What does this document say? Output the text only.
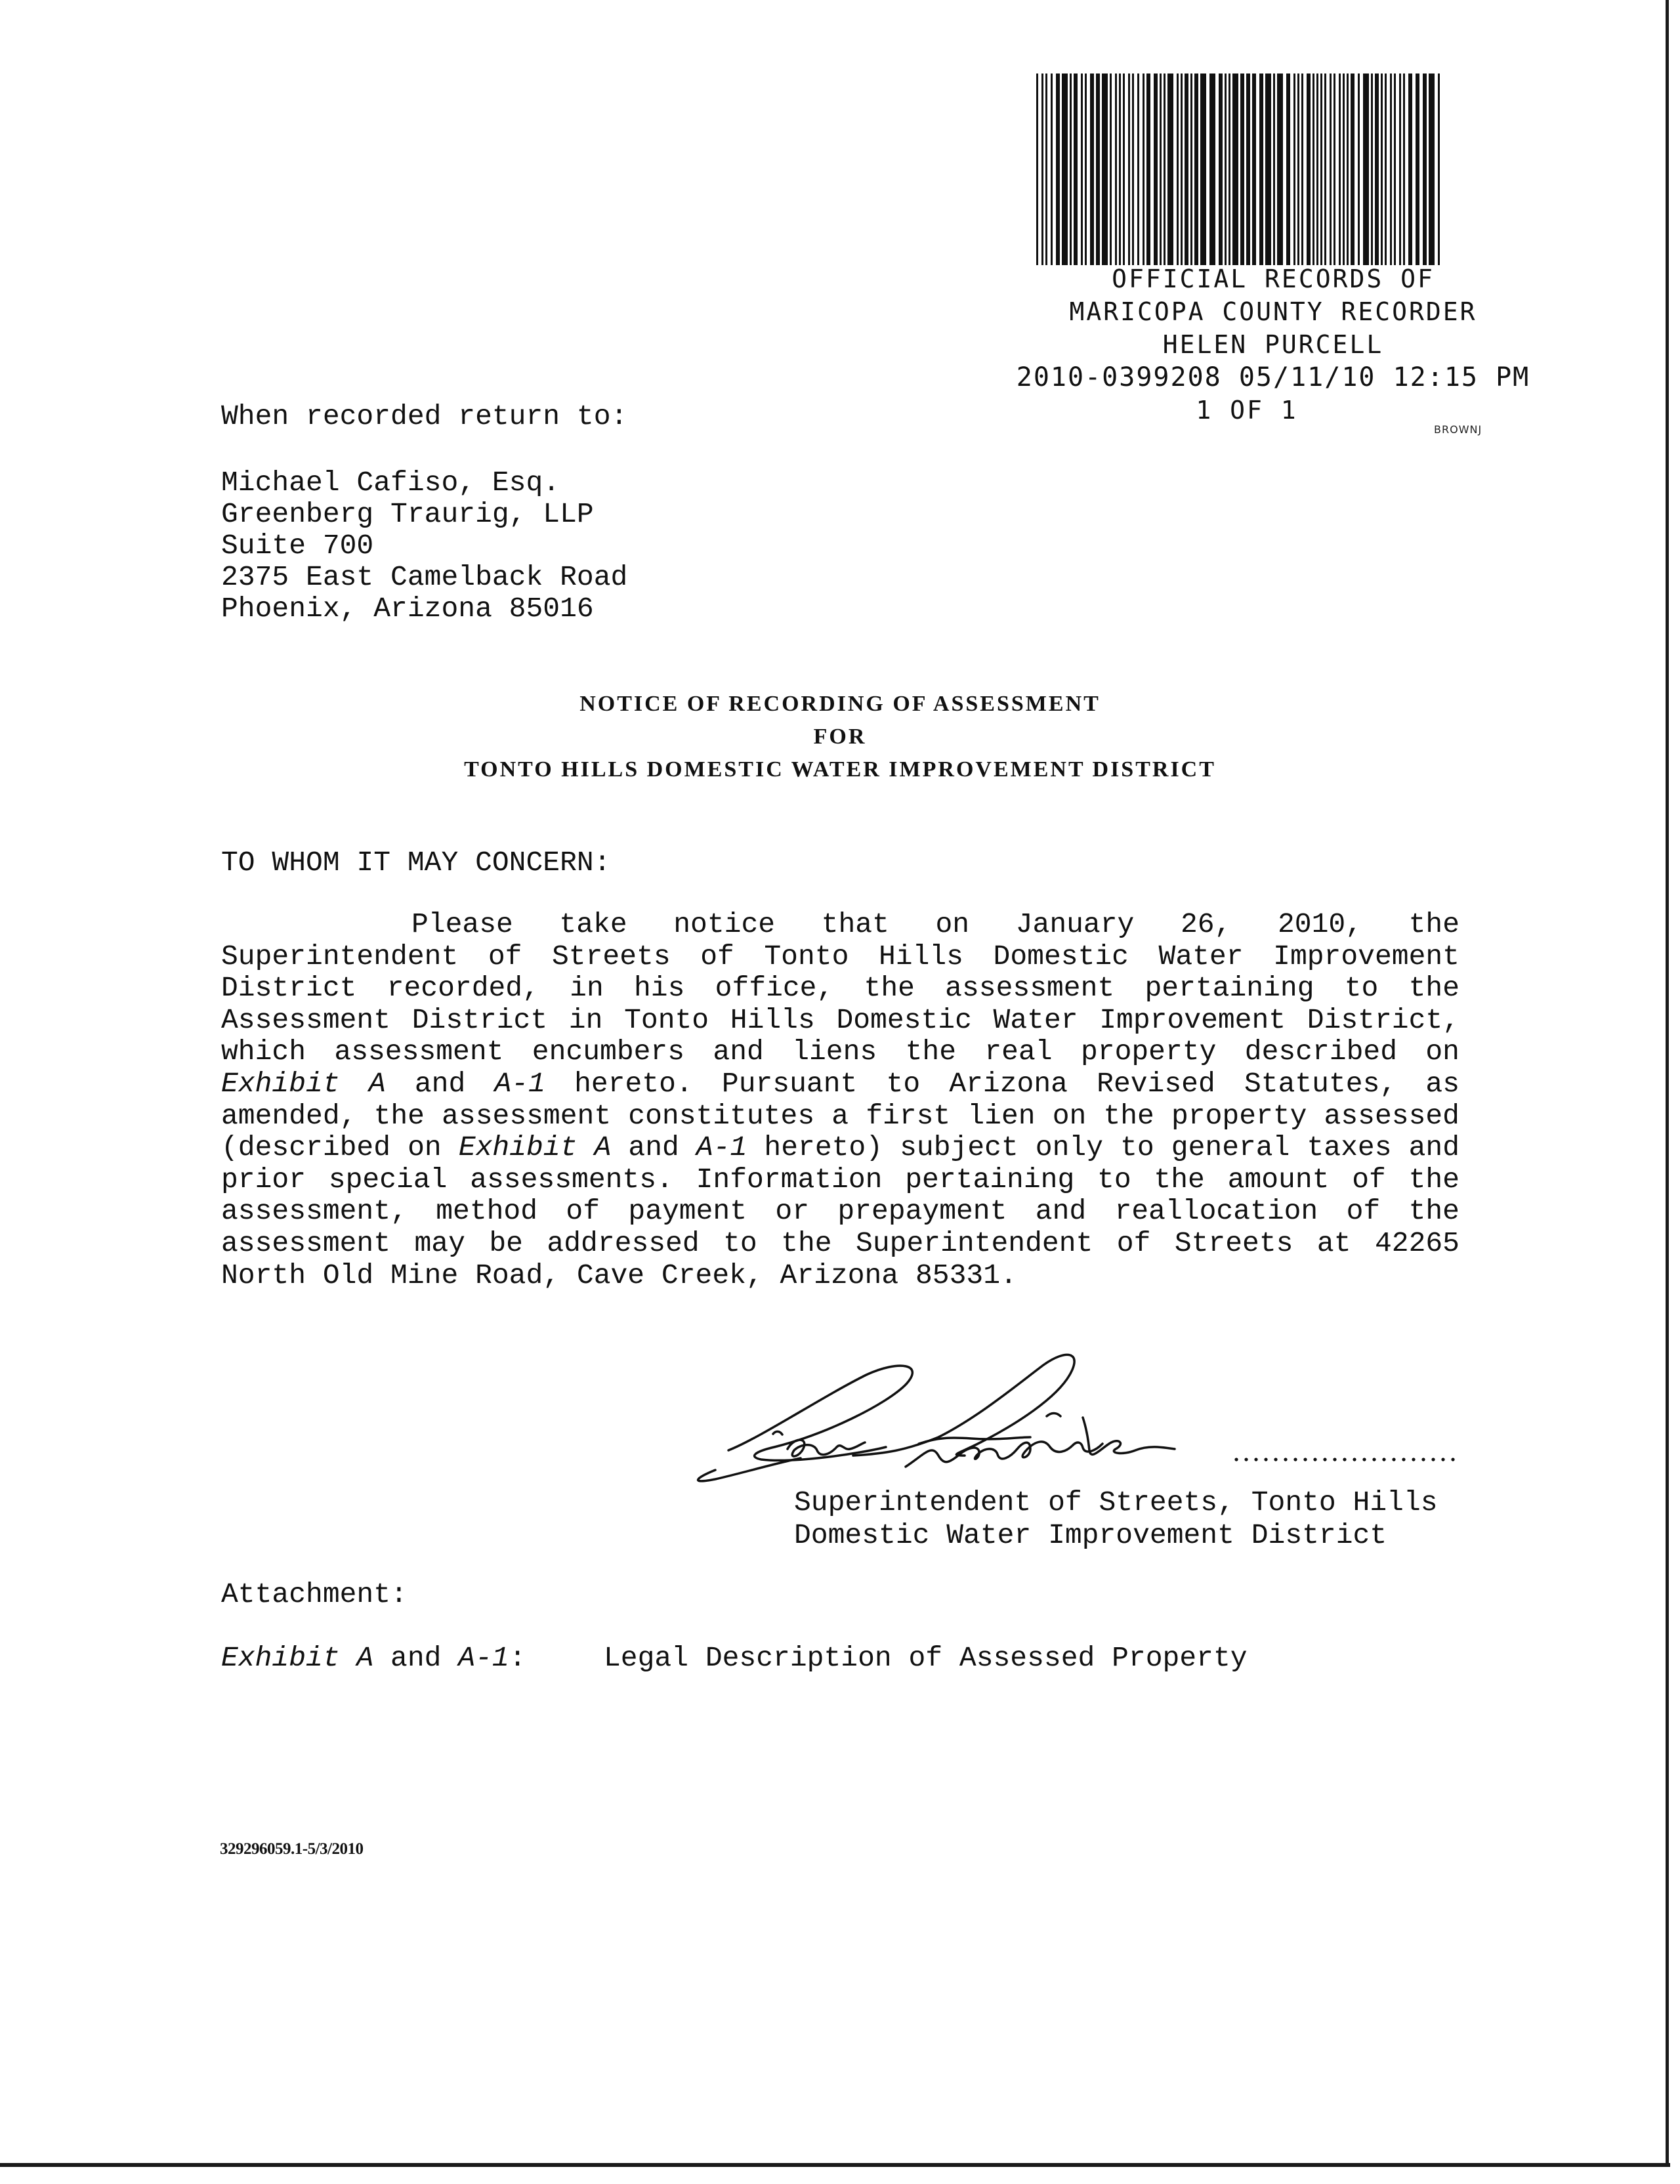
OFFICIAL RECORDS OF
MARICOPA COUNTY RECORDER
HELEN PURCELL
2010-0399208 05/11/10 12:15 PM
1 OF 1
BROWNJ
When recorded return to:
Michael Cafiso, Esq.
Greenberg Traurig, LLP
Suite 700
2375 East Camelback Road
Phoenix, Arizona 85016
NOTICE OF RECORDING OF ASSESSMENT
FOR
TONTO HILLS DOMESTIC WATER IMPROVEMENT DISTRICT
TO WHOM IT MAY CONCERN:
Please take notice that on January 26, 2010, the Superintendent of Streets of Tonto Hills Domestic Water Improvement District recorded, in his office, the assessment pertaining to the Assessment District in Tonto Hills Domestic Water Improvement District, which assessment encumbers and liens the real property described on Exhibit A and A-1 hereto. Pursuant to Arizona Revised Statutes, as amended, the assessment constitutes a first lien on the property assessed (described on Exhibit A and A-1 hereto) subject only to general taxes and prior special assessments. Information pertaining to the amount of the assessment, method of payment or prepayment and reallocation of the assessment may be addressed to the Superintendent of Streets at 42265 North Old Mine Road, Cave Creek, Arizona 85331.
Superintendent of Streets, Tonto Hills
Domestic Water Improvement District
Attachment:
Exhibit A and A-1:	Legal Description of Assessed Property
329296059.1-5/3/2010
